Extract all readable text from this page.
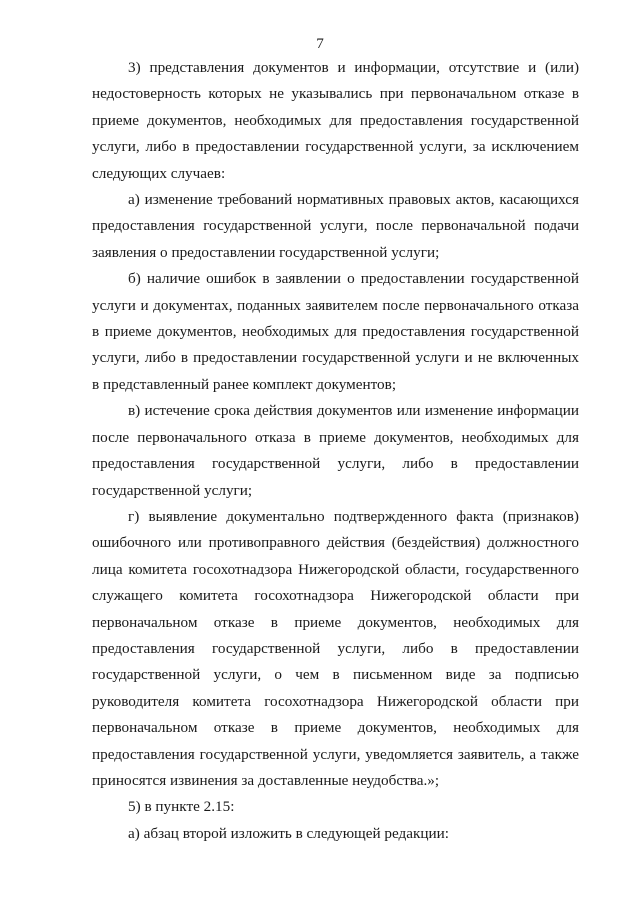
7

3) представления документов и информации, отсутствие и (или) недостоверность которых не указывались при первоначальном отказе в приеме документов, необходимых для предоставления государственной услуги, либо в предоставлении государственной услуги, за исключением следующих случаев:

а) изменение требований нормативных правовых актов, касающихся предоставления государственной услуги, после первоначальной подачи заявления о предоставлении государственной услуги;

б) наличие ошибок в заявлении о предоставлении государственной услуги и документах, поданных заявителем после первоначального отказа в приеме документов, необходимых для предоставления государственной услуги, либо в предоставлении государственной услуги и не включенных в представленный ранее комплект документов;

в) истечение срока действия документов или изменение информации после первоначального отказа в приеме документов, необходимых для предоставления государственной услуги, либо в предоставлении государственной услуги;

г) выявление документально подтвержденного факта (признаков) ошибочного или противоправного действия (бездействия) должностного лица комитета госохотнадзора Нижегородской области, государственного служащего комитета госохотнадзора Нижегородской области при первоначальном отказе в приеме документов, необходимых для предоставления государственной услуги, либо в предоставлении государственной услуги, о чем в письменном виде за подписью руководителя комитета госохотнадзора Нижегородской области при первоначальном отказе в приеме документов, необходимых для предоставления государственной услуги, уведомляется заявитель, а также приносятся извинения за доставленные неудобства.»;

5) в пункте 2.15:

а) абзац второй изложить в следующей редакции:
